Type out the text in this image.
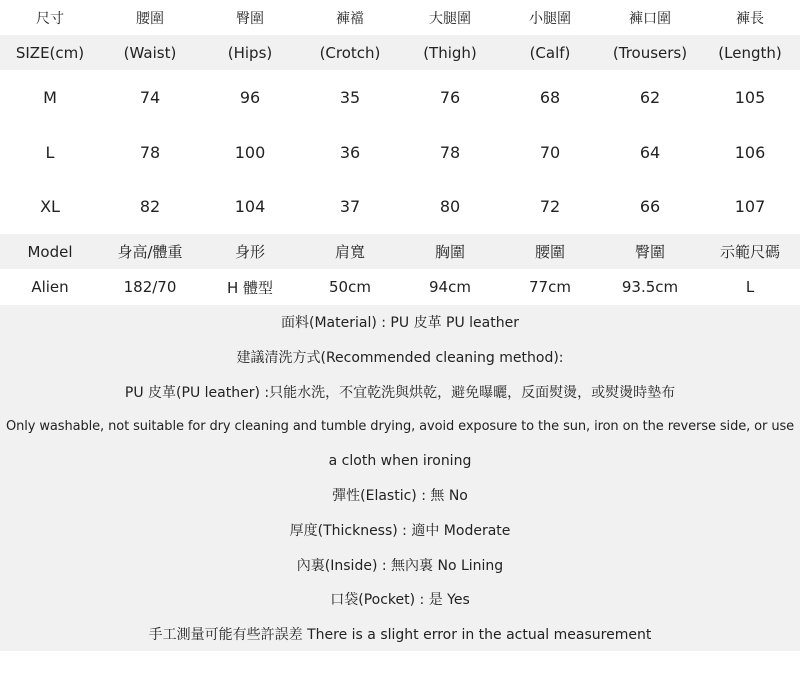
尺寸	腰圍	臀圍	褲襠	大腿圍	小腿圍	褲口圍	褲長
SIZE(cm)	(Waist)	(Hips)	(Crotch)	(Thigh)	(Calf)	(Trousers)	(Length)
M	74	96	35	76	68	62	105
L	78	100	36	78	70	64	106
XL	82	104	37	80	72	66	107
Model	身高/體重	身形	肩寬	胸圍	腰圍	臀圍	示範尺碼
Alien	182/70	H 體型	50cm	94cm	77cm	93.5cm	L
面料(Material) : PU 皮革 PU leather
建議清洗方式(Recommended cleaning method):
PU 皮革(PU leather) :只能水洗，不宜乾洗與烘乾，避免曝曬，反面熨燙，或熨燙時墊布
Only washable, not suitable for dry cleaning and tumble drying, avoid exposure to the sun, iron on the reverse side, or use
a cloth when ironing
彈性(Elastic) : 無 No
厚度(Thickness) : 適中 Moderate
內裏(Inside) : 無內裏 No Lining
口袋(Pocket) : 是 Yes
手工測量可能有些許誤差 There is a slight error in the actual measurement
